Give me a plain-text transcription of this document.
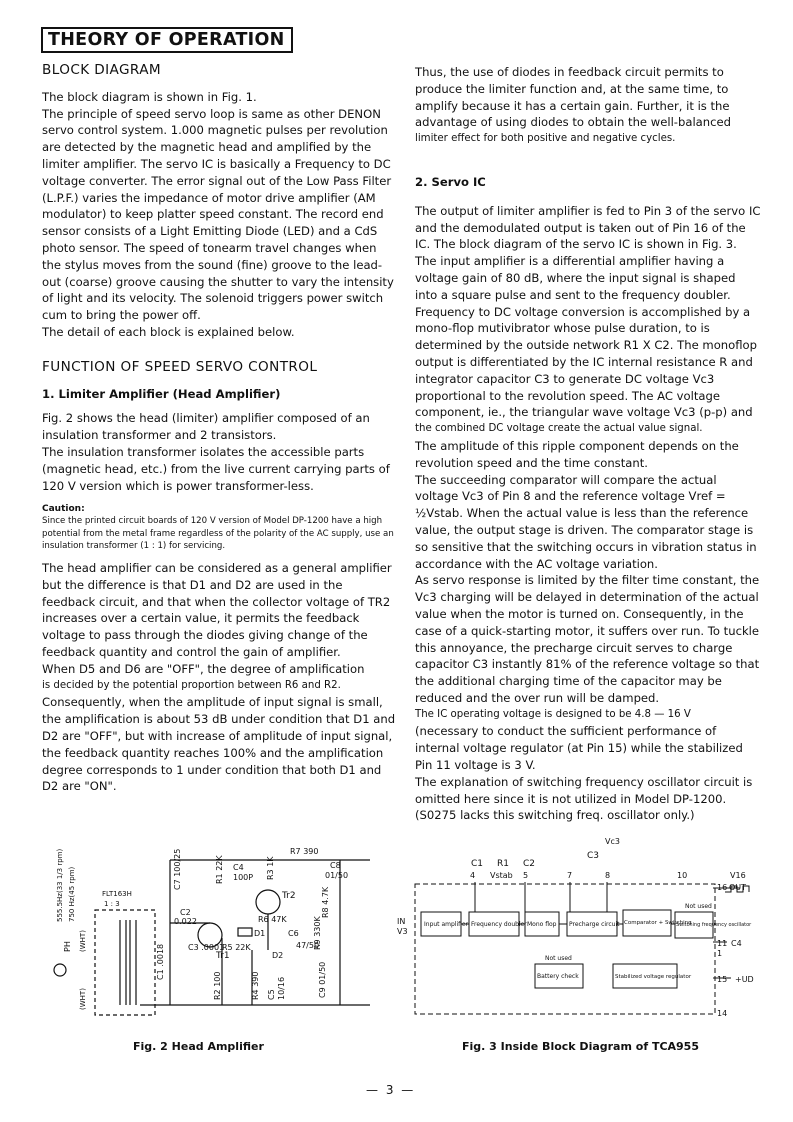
THEORY OF OPERATION
BLOCK DIAGRAM

The block diagram is shown in Fig. 1.

The principle of speed servo loop is same as other DENON servo control system. 1.000 magnetic pulses per revolution are detected by the magnetic head and amplified by the limiter amplifier. The servo IC is basically a Frequency to DC voltage converter. The error signal out of the Low Pass Filter (L.P.F.) varies the impedance of motor drive amplifier (AM modulator) to keep platter speed constant. The record end sensor consists of a Light Emitting Diode (LED) and a CdS photo sensor. The speed of tonearm travel changes when the stylus moves from the sound (fine) groove to the lead-out (coarse) groove causing the shutter to vary the intensity of light and its velocity. The solenoid triggers power switch cum to bring the power off.

The detail of each block is explained below.

FUNCTION OF SPEED SERVO CONTROL
1. Limiter Amplifier (Head Amplifier)

Fig. 2 shows the head (limiter) amplifier composed of an insulation transformer and 2 transistors.

The insulation transformer isolates the accessible parts (magnetic head, etc.) from the live current carrying parts of 120 V version which is power transformer-less.

Caution:
Since the printed circuit boards of 120 V version of Model DP-1200 have a high potential from the metal frame regardless of the polarity of the AC supply, use an insulation transformer (1 : 1) for servicing.

The head amplifier can be considered as a general amplifier but the difference is that D1 and D2 are used in the feedback circuit, and that when the collector voltage of TR2 increases over a certain value, it permits the feedback voltage to pass through the diodes giving change of the feedback quantity and control the gain of amplifier.

When D5 and D6 are "OFF", the degree of amplification

is decided by the potential proportion between R6 and R2.

Consequently, when the amplitude of input signal is small, the amplification is about 53 dB under condition that D1 and D2 are "OFF", but with increase of amplitude of input signal, the feedback quantity reaches 100% and the amplification degree corresponds to 1 under condition that both D1 and D2 are "ON".

Thus, the use of diodes in feedback circuit permits to produce the limiter function and, at the same time, to amplify because it has a certain gain. Further, it is the advantage of using diodes to obtain the well-balanced

limiter effect for both positive and negative cycles.

2. Servo IC

The output of limiter amplifier is fed to Pin 3 of the servo IC and the demodulated output is taken out of Pin 16 of the IC. The block diagram of the servo IC is shown in Fig. 3. The input amplifier is a differential amplifier having a voltage gain of 80 dB, where the input signal is shaped into a square pulse and sent to the frequency doubler. Frequency to DC voltage conversion is accomplished by a mono-flop mutivibrator whose pulse duration, to is determined by the outside network R1 X C2. The monoflop output is differentiated by the IC internal resistance R and integrator capacitor C3 to generate DC voltage Vc3 proportional to the revolution speed. The AC voltage component, ie., the triangular wave voltage Vc3 (p-p) and

the combined DC voltage create the actual value signal.

The amplitude of this ripple component depends on the revolution speed and the time constant.

The succeeding comparator will compare the actual voltage Vc3 of Pin 8 and the reference voltage Vref = ½Vstab. When the actual value is less than the reference value, the output stage is driven. The comparator stage is so sensitive that the switching occurs in vibration status in accordance with the AC voltage variation.

As servo response is limited by the filter time constant, the Vc3 charging will be delayed in determination of the actual value when the motor is turned on. Consequently, in the case of a quick-starting motor, it suffers over run. To tuckle this annoyance, the precharge circuit serves to charge capacitor C3 instantly 81% of the reference voltage so that the additional charging time of the capacitor may be reduced and the over run will be damped.

The IC operating voltage is designed to be 4.8 — 16 V

(necessary to conduct the sufficient performance of internal voltage regulator (at Pin 15) while the stabilized Pin 11 voltage is 3 V.

The explanation of switching frequency oscillator circuit is omitted here since it is not utilized in Model DP-1200. (S0275 lacks this switching freq. oscillator only.)

PH (WHT)
(WHT)
555.5Hz(33 1/3 rpm) 750 Hz(45 rpm)	FLT163H
1 : 3
C1 .0018
C7 100/25
Tr1
Tr2
R1 22K C4
100P R3 1K
R7 390
C8
01/50
C2
0.022	R6 47K
D1	C6
47/50
C3 .0001
R5 22K
D2
R8 4.7K
R9 330K
R2 100	R4 390 C5 10/16	C9 01/50
Fig. 2 Head Amplifier
Vc3
C1 R1 C2
C3
Vstab
4	5	7	8	10	V16
16 OUT
IN
V3
Input amplifier Frequency doubler Mono flop Precharge circuit Comparator + Switching
Not used
Switching frequency oscillator
Not used
Battery check	Stabilized voltage regulator
11 C4
1
15 +UD
14
Fig. 3 Inside Block Diagram of TCA955
— 3 —
